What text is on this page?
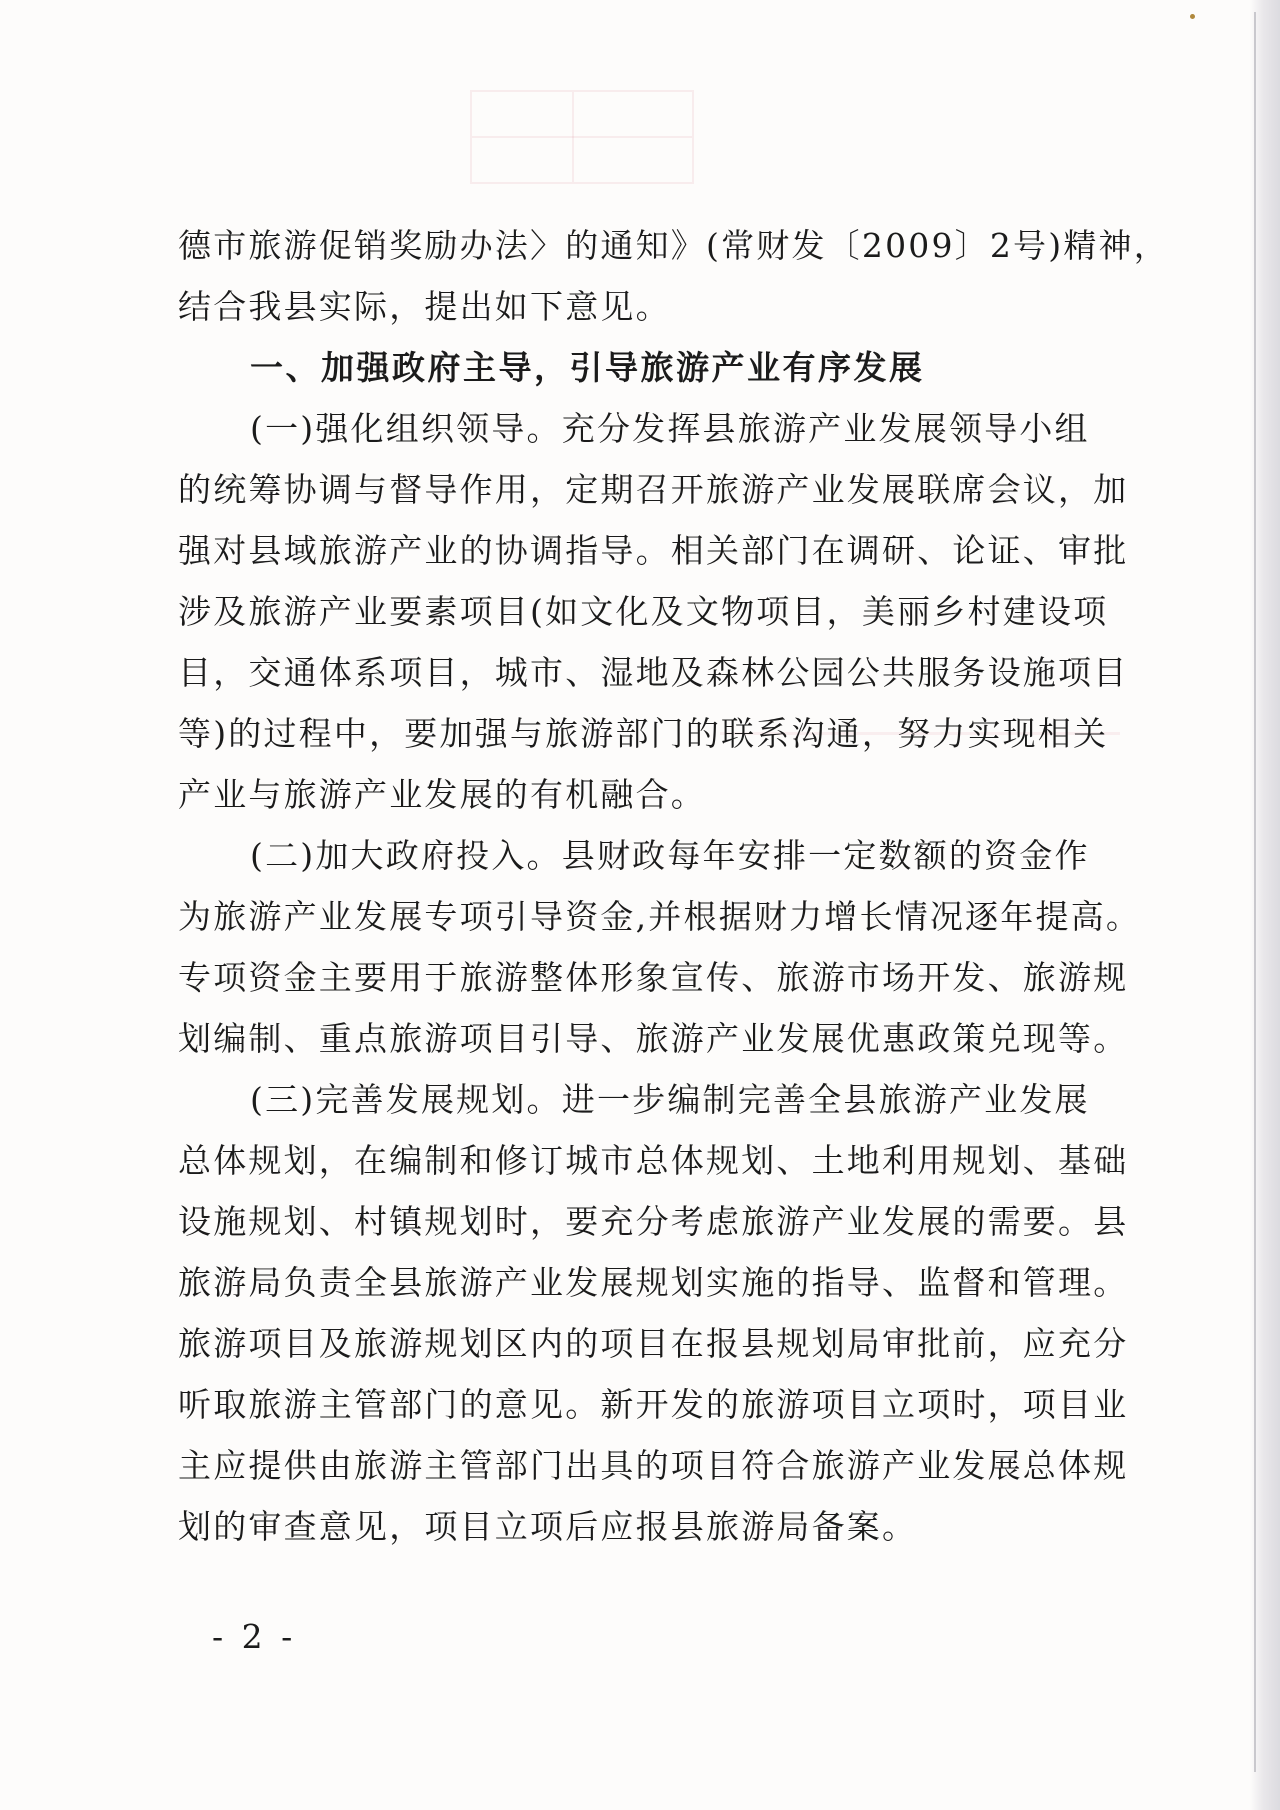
德市旅游促销奖励办法〉的通知》(常财发〔2009〕2号)精神，
结合我县实际，提出如下意见。
一、加强政府主导，引导旅游产业有序发展
(一)强化组织领导。充分发挥县旅游产业发展领导小组
的统筹协调与督导作用，定期召开旅游产业发展联席会议，加
强对县域旅游产业的协调指导。相关部门在调研、论证、审批
涉及旅游产业要素项目(如文化及文物项目，美丽乡村建设项
目，交通体系项目，城市、湿地及森林公园公共服务设施项目
等)的过程中，要加强与旅游部门的联系沟通，努力实现相关
产业与旅游产业发展的有机融合。
(二)加大政府投入。县财政每年安排一定数额的资金作
为旅游产业发展专项引导资金,并根据财力增长情况逐年提高。
专项资金主要用于旅游整体形象宣传、旅游市场开发、旅游规
划编制、重点旅游项目引导、旅游产业发展优惠政策兑现等。
(三)完善发展规划。进一步编制完善全县旅游产业发展
总体规划，在编制和修订城市总体规划、土地利用规划、基础
设施规划、村镇规划时，要充分考虑旅游产业发展的需要。县
旅游局负责全县旅游产业发展规划实施的指导、监督和管理。
旅游项目及旅游规划区内的项目在报县规划局审批前，应充分
听取旅游主管部门的意见。新开发的旅游项目立项时，项目业
主应提供由旅游主管部门出具的项目符合旅游产业发展总体规
划的审查意见，项目立项后应报县旅游局备案。
- 2 -
